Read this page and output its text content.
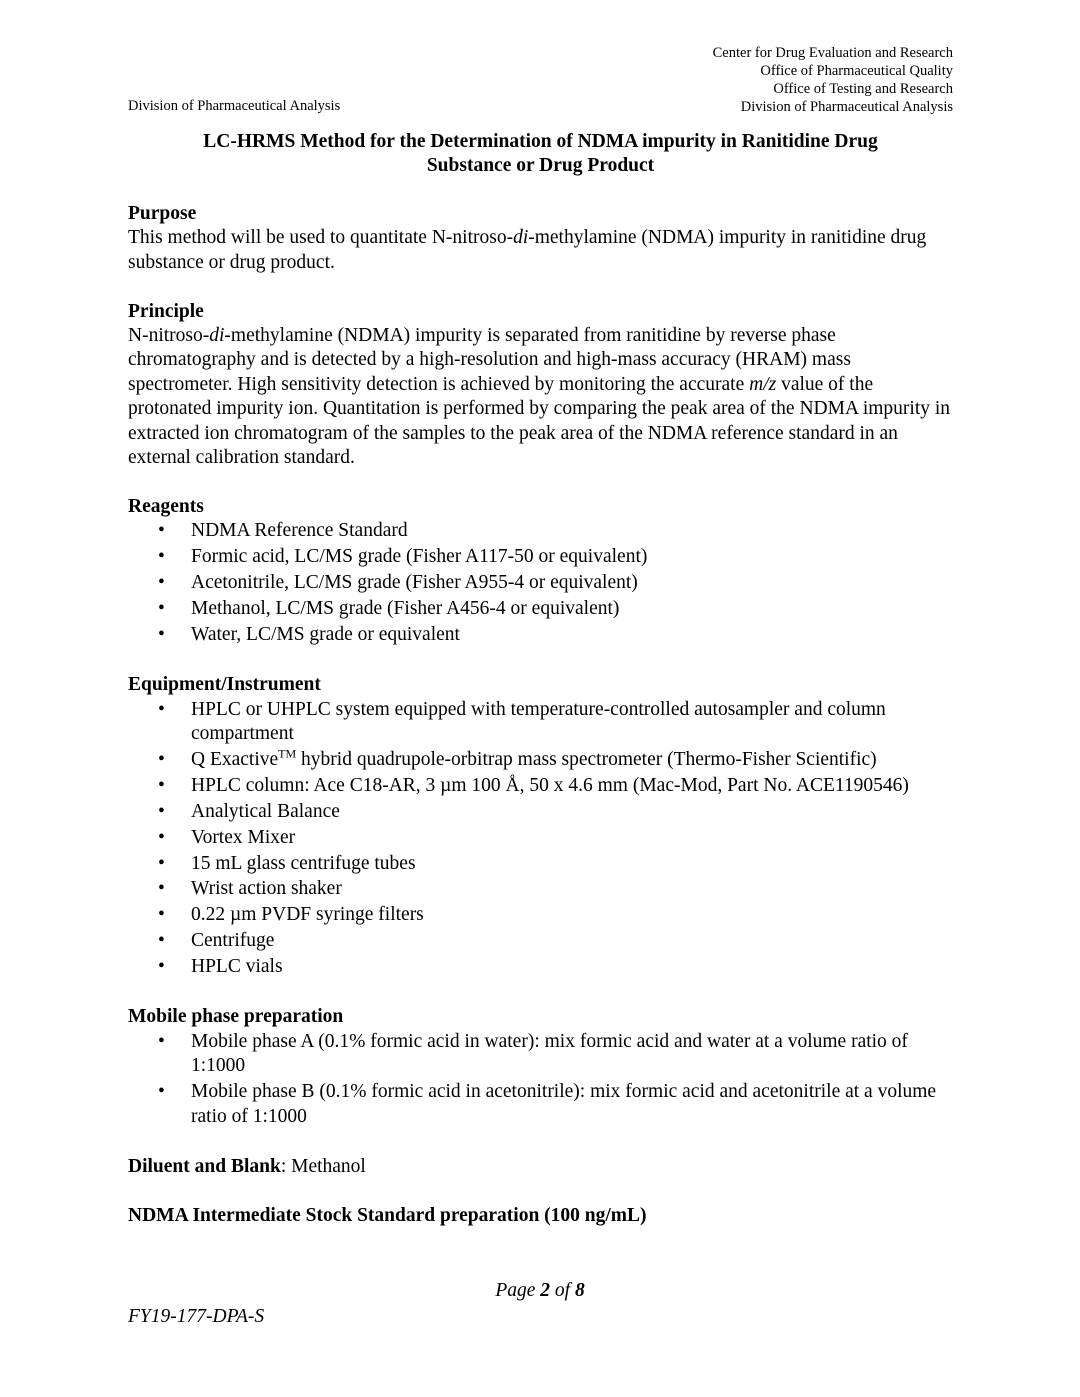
Center for Drug Evaluation and Research
Office of Pharmaceutical Quality
Office of Testing and Research
Division of Pharmaceutical Analysis
Division of Pharmaceutical Analysis
LC-HRMS Method for the Determination of NDMA impurity in Ranitidine Drug
Substance or Drug Product
Purpose
This method will be used to quantitate N-nitroso-di-methylamine (NDMA) impurity in ranitidine drug substance or drug product.
Principle
N-nitroso-di-methylamine (NDMA) impurity is separated from ranitidine by reverse phase chromatography and is detected by a high-resolution and high-mass accuracy (HRAM) mass spectrometer. High sensitivity detection is achieved by monitoring the accurate m/z value of the protonated impurity ion. Quantitation is performed by comparing the peak area of the NDMA impurity in extracted ion chromatogram of the samples to the peak area of the NDMA reference standard in an external calibration standard.
Reagents
• NDMA Reference Standard
• Formic acid, LC/MS grade (Fisher A117-50 or equivalent)
• Acetonitrile, LC/MS grade (Fisher A955-4 or equivalent)
• Methanol, LC/MS grade (Fisher A456-4 or equivalent)
• Water, LC/MS grade or equivalent
Equipment/Instrument
• HPLC or UHPLC system equipped with temperature-controlled autosampler and column compartment
• Q Exactive™ hybrid quadrupole-orbitrap mass spectrometer (Thermo-Fisher Scientific)
• HPLC column: Ace C18-AR, 3 µm 100 Å, 50 x 4.6 mm (Mac-Mod, Part No. ACE1190546)
• Analytical Balance
• Vortex Mixer
• 15 mL glass centrifuge tubes
• Wrist action shaker
• 0.22 µm PVDF syringe filters
• Centrifuge
• HPLC vials
Mobile phase preparation
• Mobile phase A (0.1% formic acid in water): mix formic acid and water at a volume ratio of 1:1000
• Mobile phase B (0.1% formic acid in acetonitrile): mix formic acid and acetonitrile at a volume ratio of 1:1000
Diluent and Blank: Methanol
NDMA Intermediate Stock Standard preparation (100 ng/mL)
Page 2 of 8
FY19-177-DPA-S
